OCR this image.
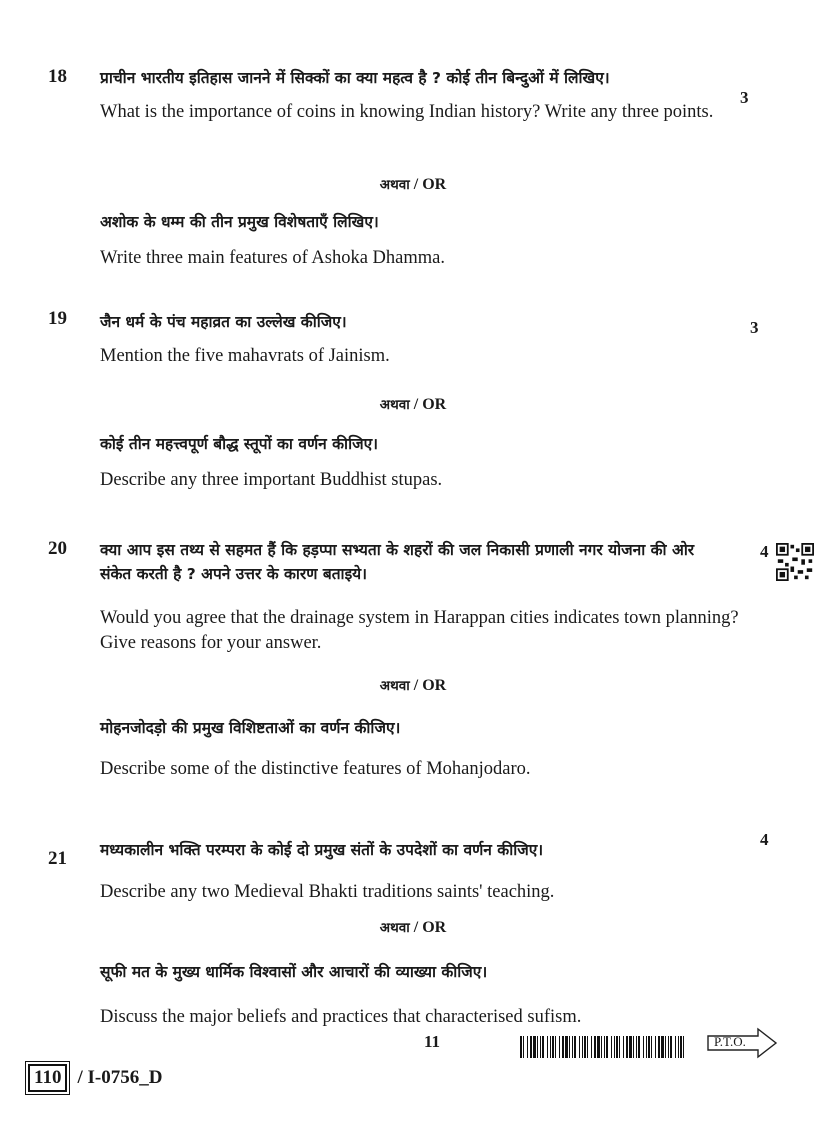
18
3
प्राचीन भारतीय इतिहास जानने में सिक्कों का क्या महत्व है ? कोई तीन बिन्दुओं में लिखिए।
What is the importance of coins in knowing Indian history? Write any three points.
अथवा / OR
अशोक के धम्म की तीन प्रमुख विशेषताएँ लिखिए।
Write three main features of Ashoka Dhamma.
19	3
जैन धर्म के पंच महाव्रत का उल्लेख कीजिए।
Mention the five mahavrats of Jainism.
अथवा / OR
कोई तीन महत्त्वपूर्ण बौद्ध स्तूपों का वर्णन कीजिए।
Describe any three important Buddhist stupas.
20	4
क्या आप इस तथ्य से सहमत हैं कि हड़प्पा सभ्यता के शहरों की जल निकासी प्रणाली नगर योजना की ओर संकेत करती है ? अपने उत्तर के कारण बताइये।
Would you agree that the drainage system in Harappan cities indicates town planning? Give reasons for your answer.
अथवा / OR
मोहनजोदड़ो की प्रमुख विशिष्टताओं का वर्णन कीजिए।
Describe some of the distinctive features of Mohanjodaro.
21
4
मध्यकालीन भक्ति परम्परा के कोई दो प्रमुख संतों के उपदेशों का वर्णन कीजिए।
Describe any two Medieval Bhakti traditions saints' teaching.
अथवा / OR
सूफी मत के मुख्य धार्मिक विश्वासों और आचारों की व्याख्या कीजिए।
Discuss the major beliefs and practices that characterised sufism.
11	P.T.O.
110 / I-0756_D
